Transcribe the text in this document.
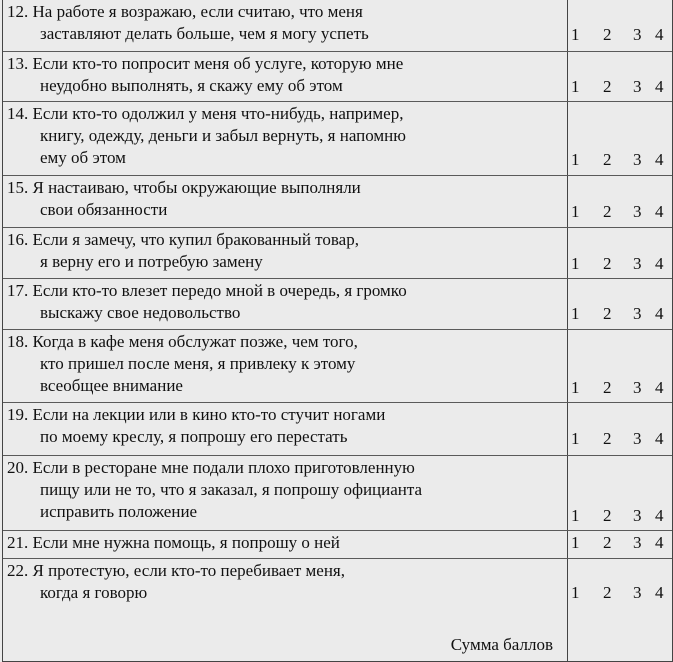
12. На работе я возражаю, если считаю, что меня
заставляют делать больше, чем я могу успеть	1 2 3 4
13. Если кто-то попросит меня об услуге, которую мне
неудобно выполнять, я скажу ему об этом	1 2 3 4
14. Если кто-то одолжил у меня что-нибудь, например,
книгу, одежду, деньги и забыл вернуть, я напомню
ему об этом	1 2 3 4
15. Я настаиваю, чтобы окружающие выполняли
свои обязанности	1 2 3 4
16. Если я замечу, что купил бракованный товар,
я верну его и потребую замену	1 2 3 4
17. Если кто-то влезет передо мной в очередь, я громко
выскажу свое недовольство	1 2 3 4
18. Когда в кафе меня обслужат позже, чем того,
кто пришел после меня, я привлеку к этому
всеобщее внимание	1 2 3 4
19. Если на лекции или в кино кто-то стучит ногами
по моему креслу, я попрошу его перестать	1 2 3 4
20. Если в ресторане мне подали плохо приготовленную
пищу или не то, что я заказал, я попрошу официанта
исправить положение	1 2 3 4
21. Если мне нужна помощь, я попрошу о ней	1 2 3 4
22. Я протестую, если кто-то перебивает меня,
когда я говорю	1 2 3 4
Сумма баллов
